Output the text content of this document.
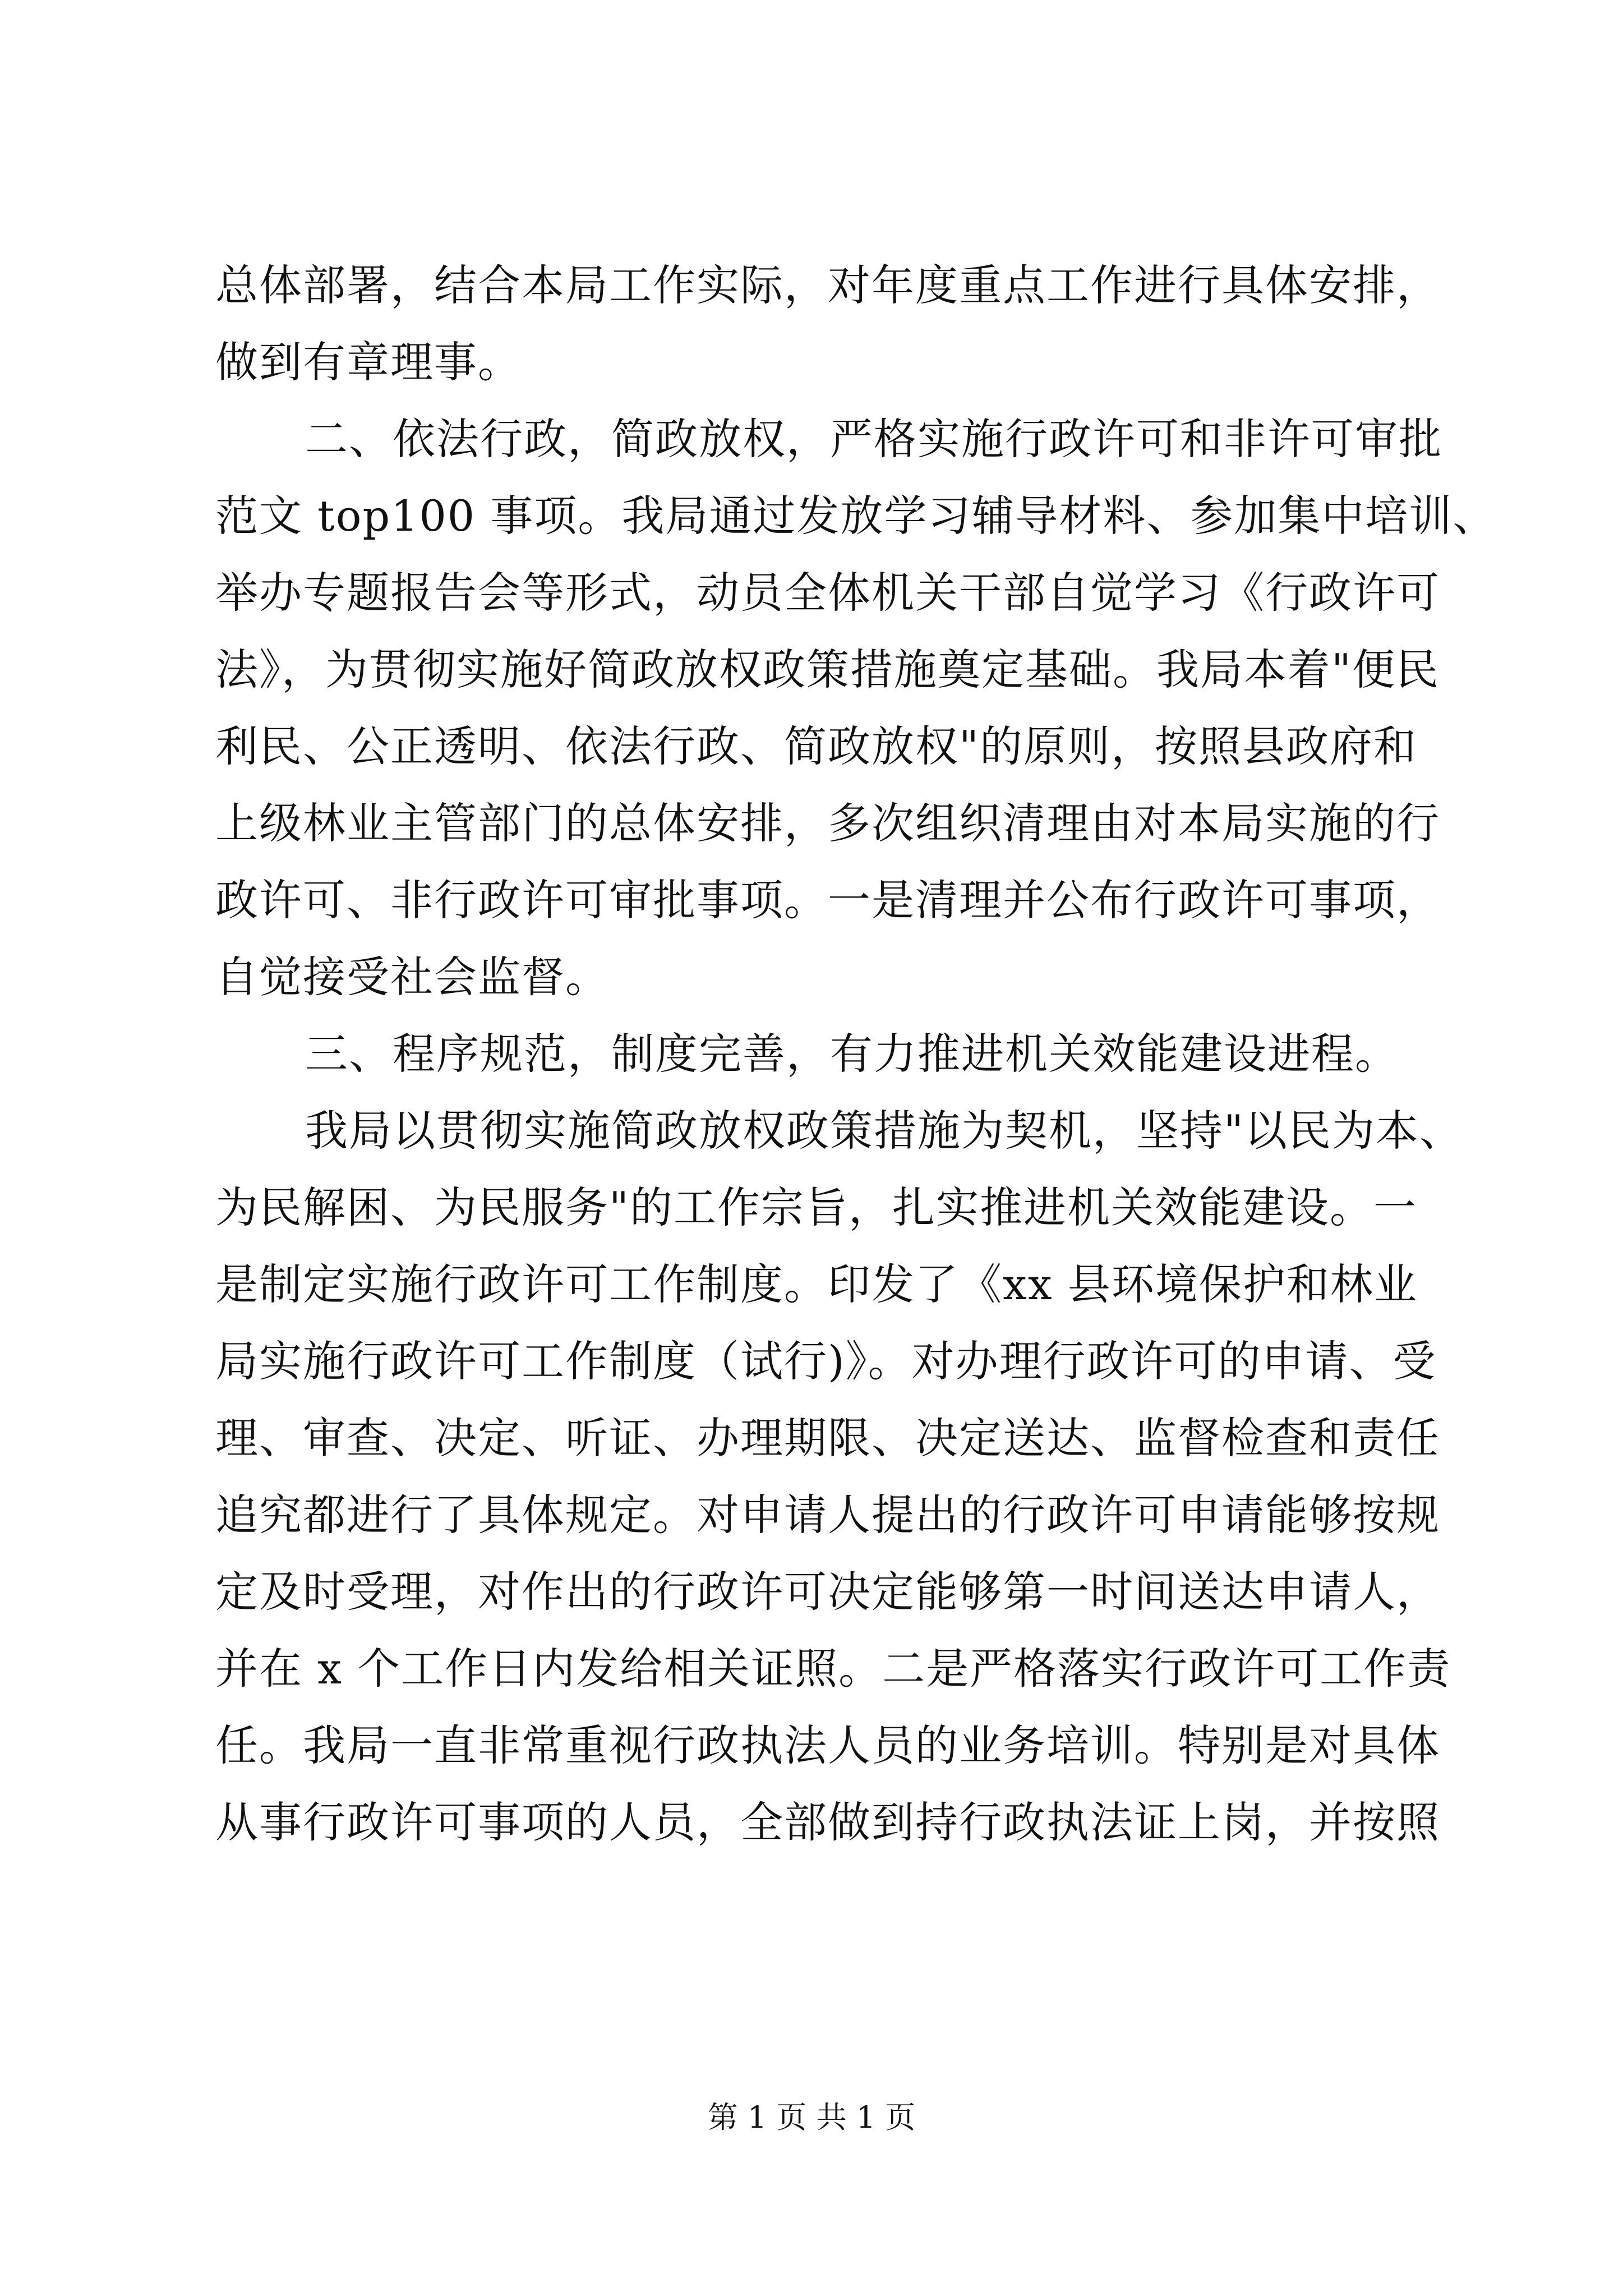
总体部署，结合本局工作实际，对年度重点工作进行具体安排，
做到有章理事。
二、依法行政，简政放权，严格实施行政许可和非许可审批
范文 top100 事项。我局通过发放学习辅导材料、参加集中培训、
举办专题报告会等形式，动员全体机关干部自觉学习《行政许可
法》，为贯彻实施好简政放权政策措施奠定基础。我局本着"便民
利民、公正透明、依法行政、简政放权"的原则，按照县政府和
上级林业主管部门的总体安排，多次组织清理由对本局实施的行
政许可、非行政许可审批事项。一是清理并公布行政许可事项，
自觉接受社会监督。
三、程序规范，制度完善，有力推进机关效能建设进程。
我局以贯彻实施简政放权政策措施为契机，坚持"以民为本、
为民解困、为民服务"的工作宗旨，扎实推进机关效能建设。一
是制定实施行政许可工作制度。印发了《xx 县环境保护和林业
局实施行政许可工作制度（试行)》。对办理行政许可的申请、受
理、审查、决定、听证、办理期限、决定送达、监督检查和责任
追究都进行了具体规定。对申请人提出的行政许可申请能够按规
定及时受理，对作出的行政许可决定能够第一时间送达申请人，
并在 x 个工作日内发给相关证照。二是严格落实行政许可工作责
任。我局一直非常重视行政执法人员的业务培训。特别是对具体
从事行政许可事项的人员，全部做到持行政执法证上岗，并按照
第 1 页 共 1 页
